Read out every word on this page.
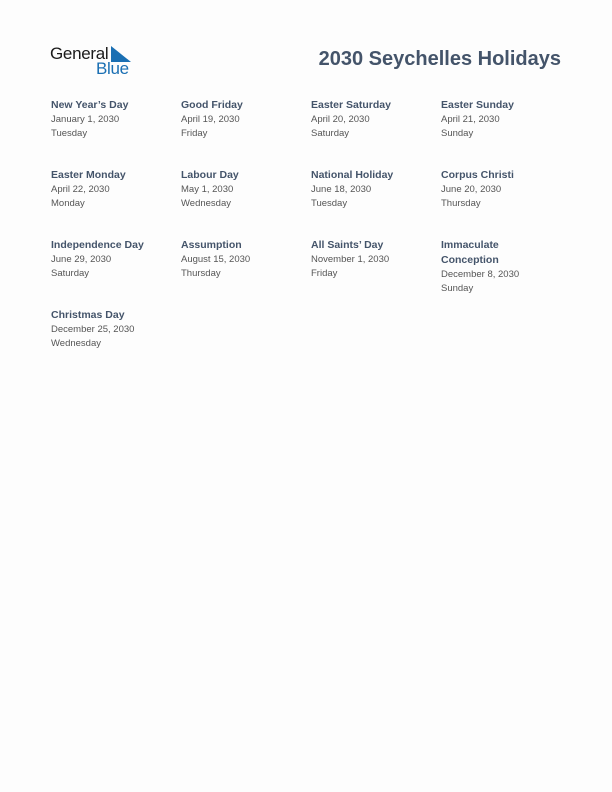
General
Blue	2030 Seychelles Holidays
New Year’s Day
January 1, 2030
Tuesday
Good Friday
April 19, 2030
Friday
Easter Saturday
April 20, 2030
Saturday
Easter Sunday
April 21, 2030
Sunday
Easter Monday
April 22, 2030
Monday
Labour Day
May 1, 2030
Wednesday
National Holiday
June 18, 2030
Tuesday
Corpus Christi
June 20, 2030
Thursday
Independence Day
June 29, 2030
Saturday
Assumption
August 15, 2030
Thursday
All Saints’ Day
November 1, 2030
Friday
Immaculate Conception
December 8, 2030
Sunday
Christmas Day
December 25, 2030
Wednesday
